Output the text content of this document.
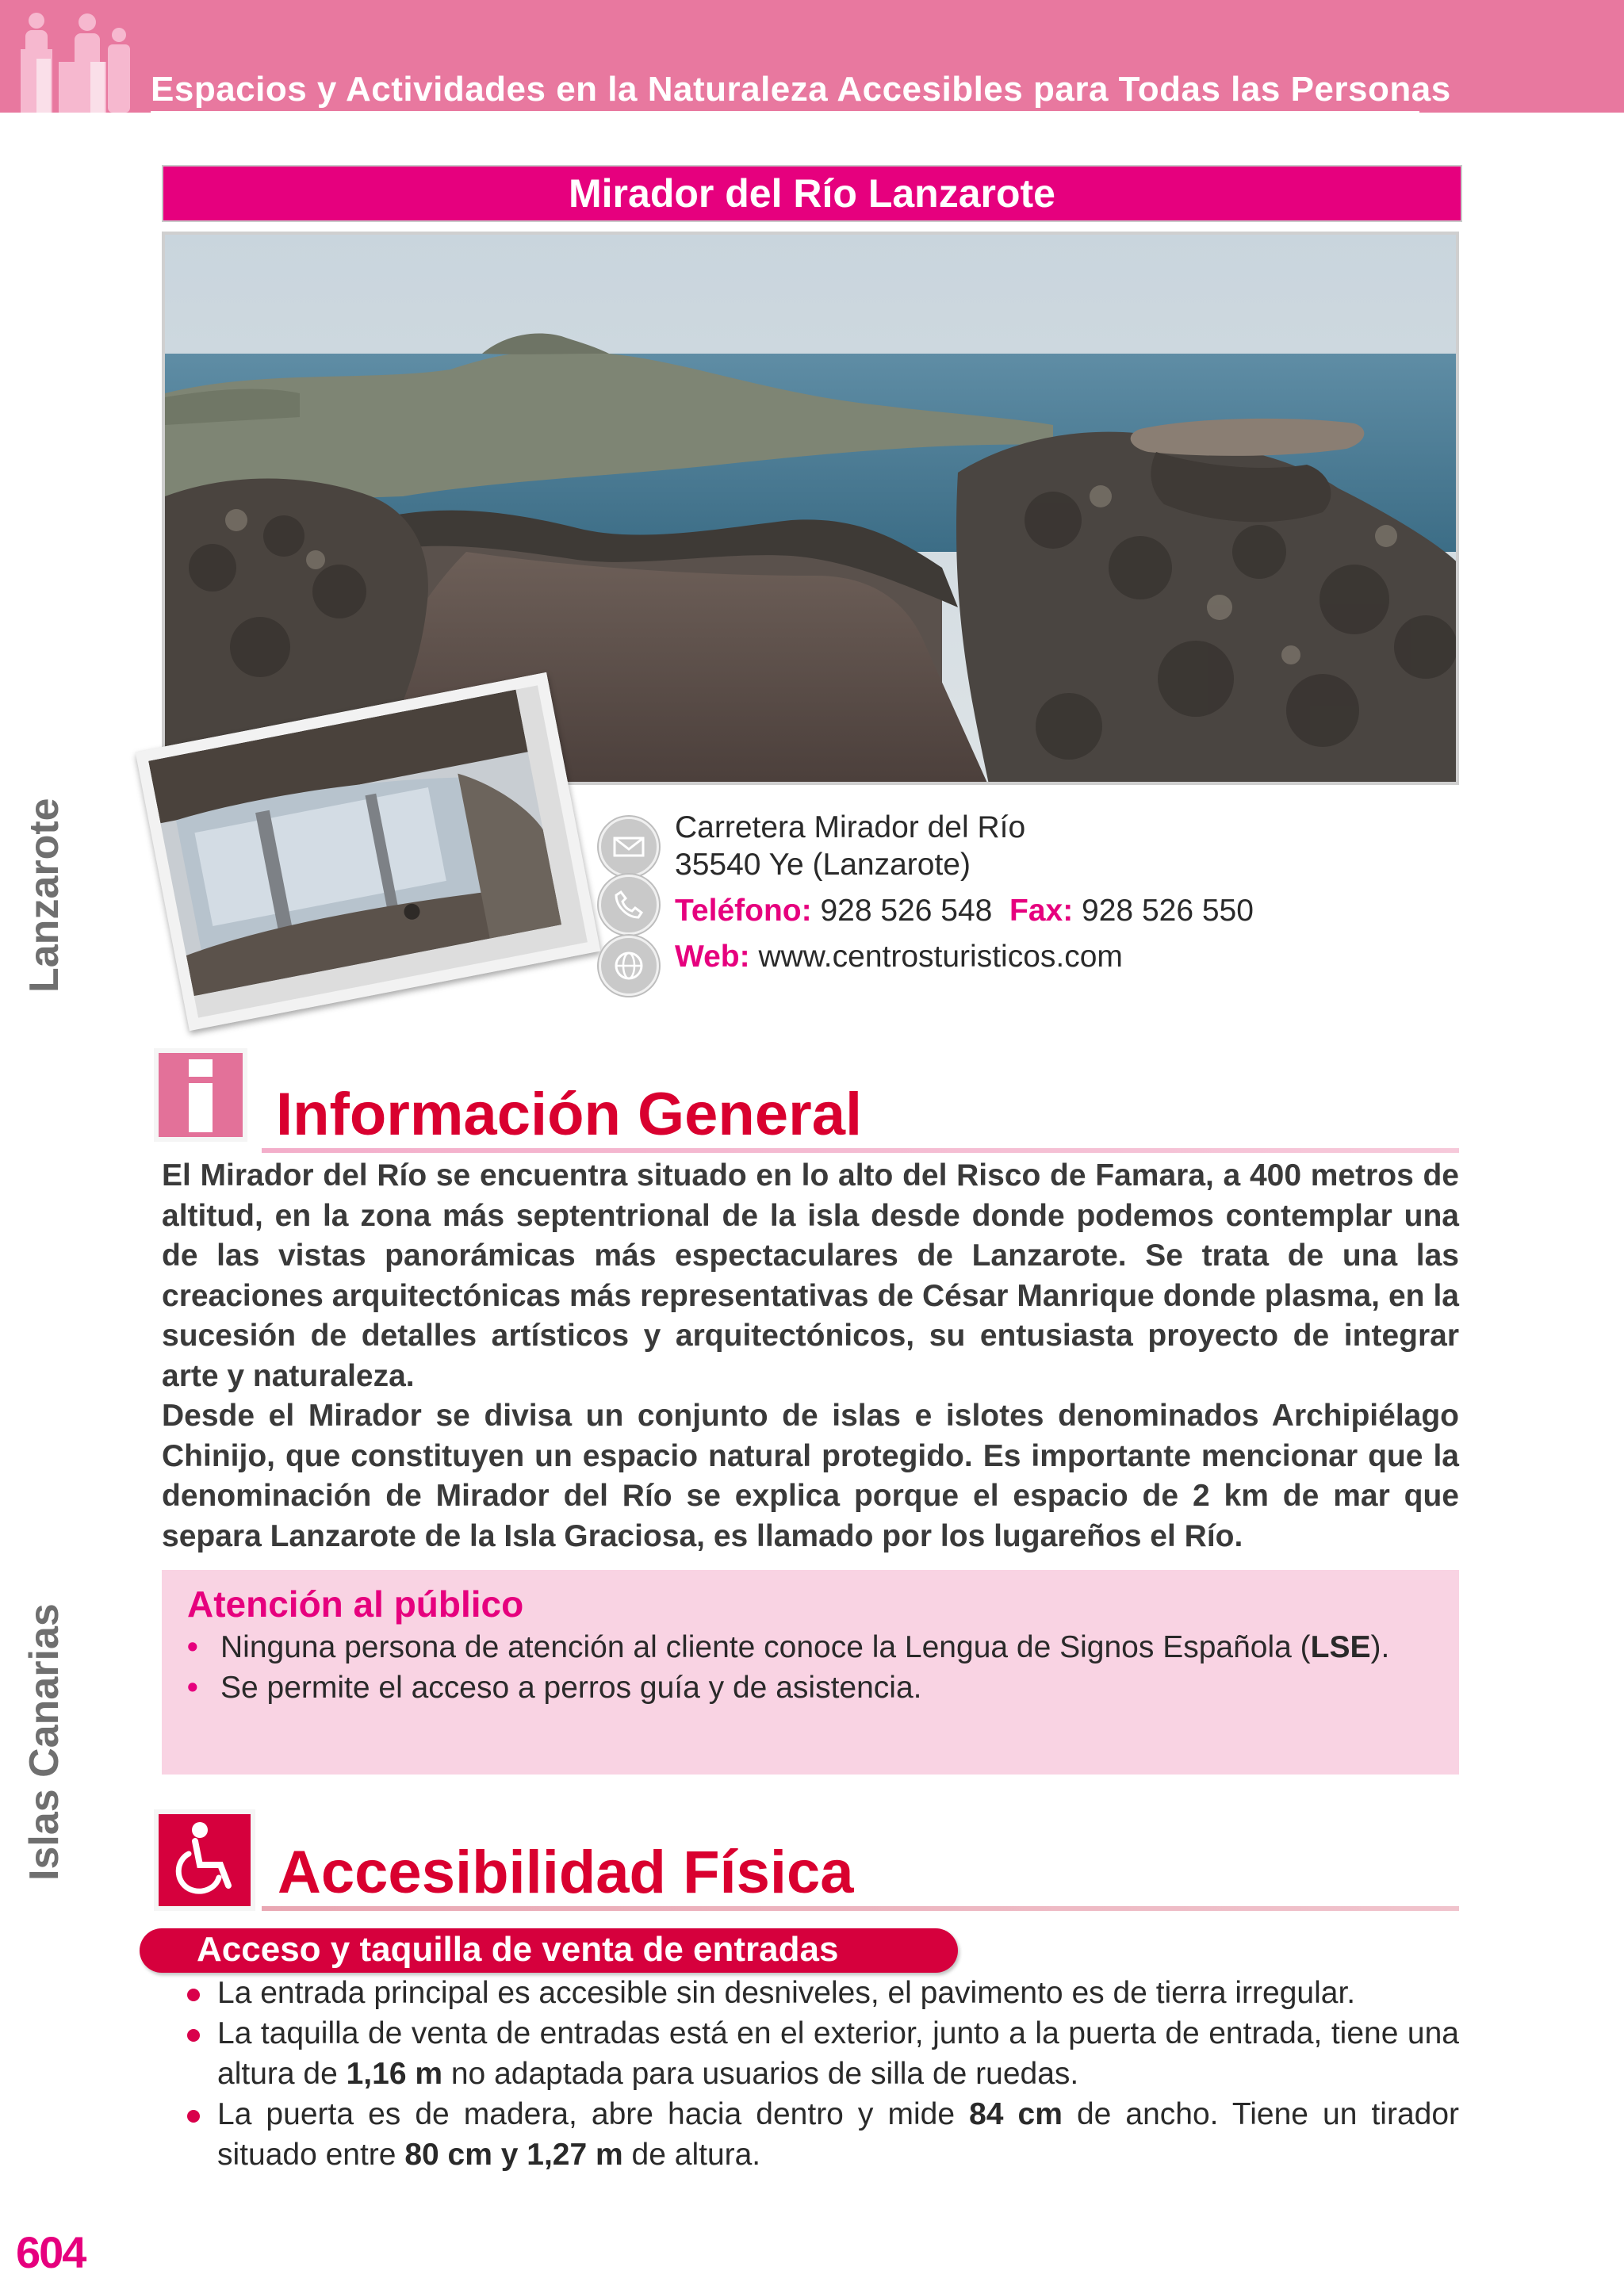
Espacios y Actividades en la Naturaleza Accesibles para Todas las Personas
Mirador del Río Lanzarote
Carretera Mirador del Río
35540 Ye (Lanzarote)
Teléfono: 928 526 548 Fax: 928 526 550
Web: www.centrosturisticos.com
Lanzarote
Islas Canarias
Información General

El Mirador del Río se encuentra situado en lo alto del Risco de Famara, a 400 metros de altitud, en la zona más septentrional de la isla desde donde podemos contemplar una de las vistas panorámicas más espectaculares de Lanzarote. Se trata de una las creaciones arquitectónicas más representativas de César Manrique donde plasma, en la sucesión de detalles artísticos y arquitectónicos, su entusiasta proyecto de integrar arte y naturaleza.

Desde el Mirador se divisa un conjunto de islas e islotes denominados Archipiélago Chinijo, que constituyen un espacio natural protegido. Es importante mencionar que la denominación de Mirador del Río se explica porque el espacio de 2 km de mar que separa Lanzarote de la Isla Graciosa, es llamado por los lugareños el Río.

Atención al público
• Ninguna persona de atención al cliente conoce la Lengua de Signos Española (LSE).
• Se permite el acceso a perros guía y de asistencia.
Accesibilidad Física
Acceso y taquilla de venta de entradas
La entrada principal es accesible sin desniveles, el pavimento es de tierra irregular.
La taquilla de venta de entradas está en el exterior, junto a la puerta de entrada, tiene una altura de 1,16 m no adaptada para usuarios de silla de ruedas.
La puerta es de madera, abre hacia dentro y mide 84 cm de ancho. Tiene un tirador situado entre 80 cm y 1,27 m de altura.
604
